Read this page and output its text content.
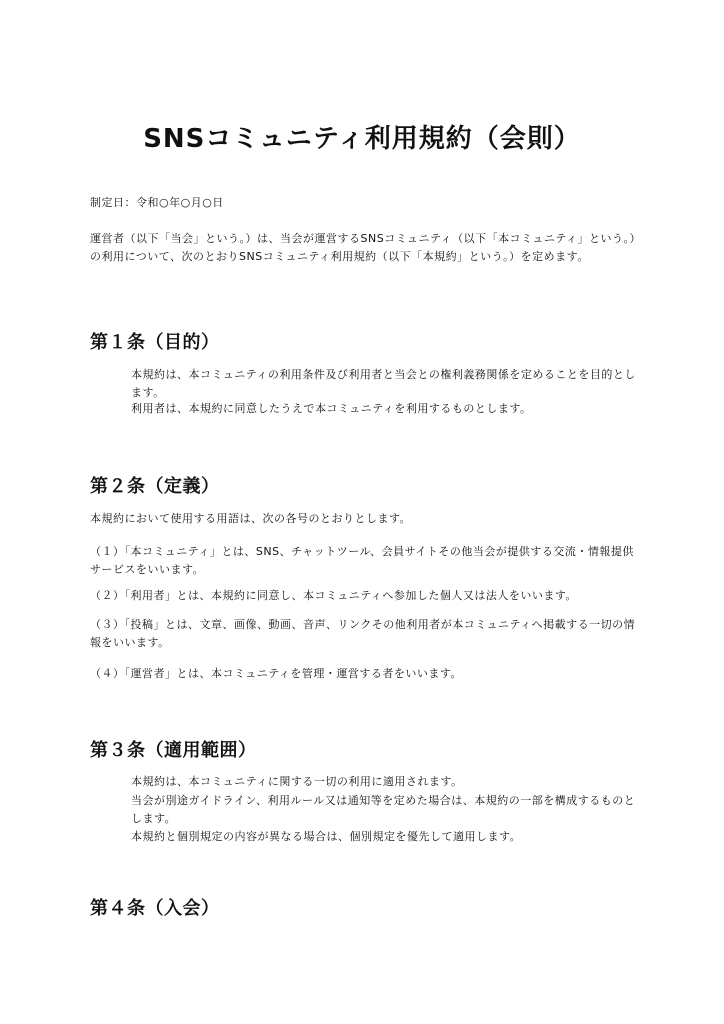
SNSコミュニティ利用規約（会則）

制定日：令和○年○月○日

運営者（以下「当会」という。）は、当会が運営するSNSコミュニティ（以下「本コミュニティ」という。）の利用について、次のとおりSNSコミュニティ利用規約（以下「本規約」という。）を定めます。

第１条（目的）

本規約は、本コミュニティの利用条件及び利用者と当会との権利義務関係を定めることを目的とします。

利用者は、本規約に同意したうえで本コミュニティを利用するものとします。

第２条（定義）

本規約において使用する用語は、次の各号のとおりとします。

（１）「本コミュニティ」とは、SNS、チャットツール、会員サイトその他当会が提供する交流・情報提供サービスをいいます。

（２）「利用者」とは、本規約に同意し、本コミュニティへ参加した個人又は法人をいいます。

（３）「投稿」とは、文章、画像、動画、音声、リンクその他利用者が本コミュニティへ掲載する一切の情報をいいます。

（４）「運営者」とは、本コミュニティを管理・運営する者をいいます。

第３条（適用範囲）

本規約は、本コミュニティに関する一切の利用に適用されます。

当会が別途ガイドライン、利用ルール又は通知等を定めた場合は、本規約の一部を構成するものとします。

本規約と個別規定の内容が異なる場合は、個別規定を優先して適用します。

第４条（入会）
